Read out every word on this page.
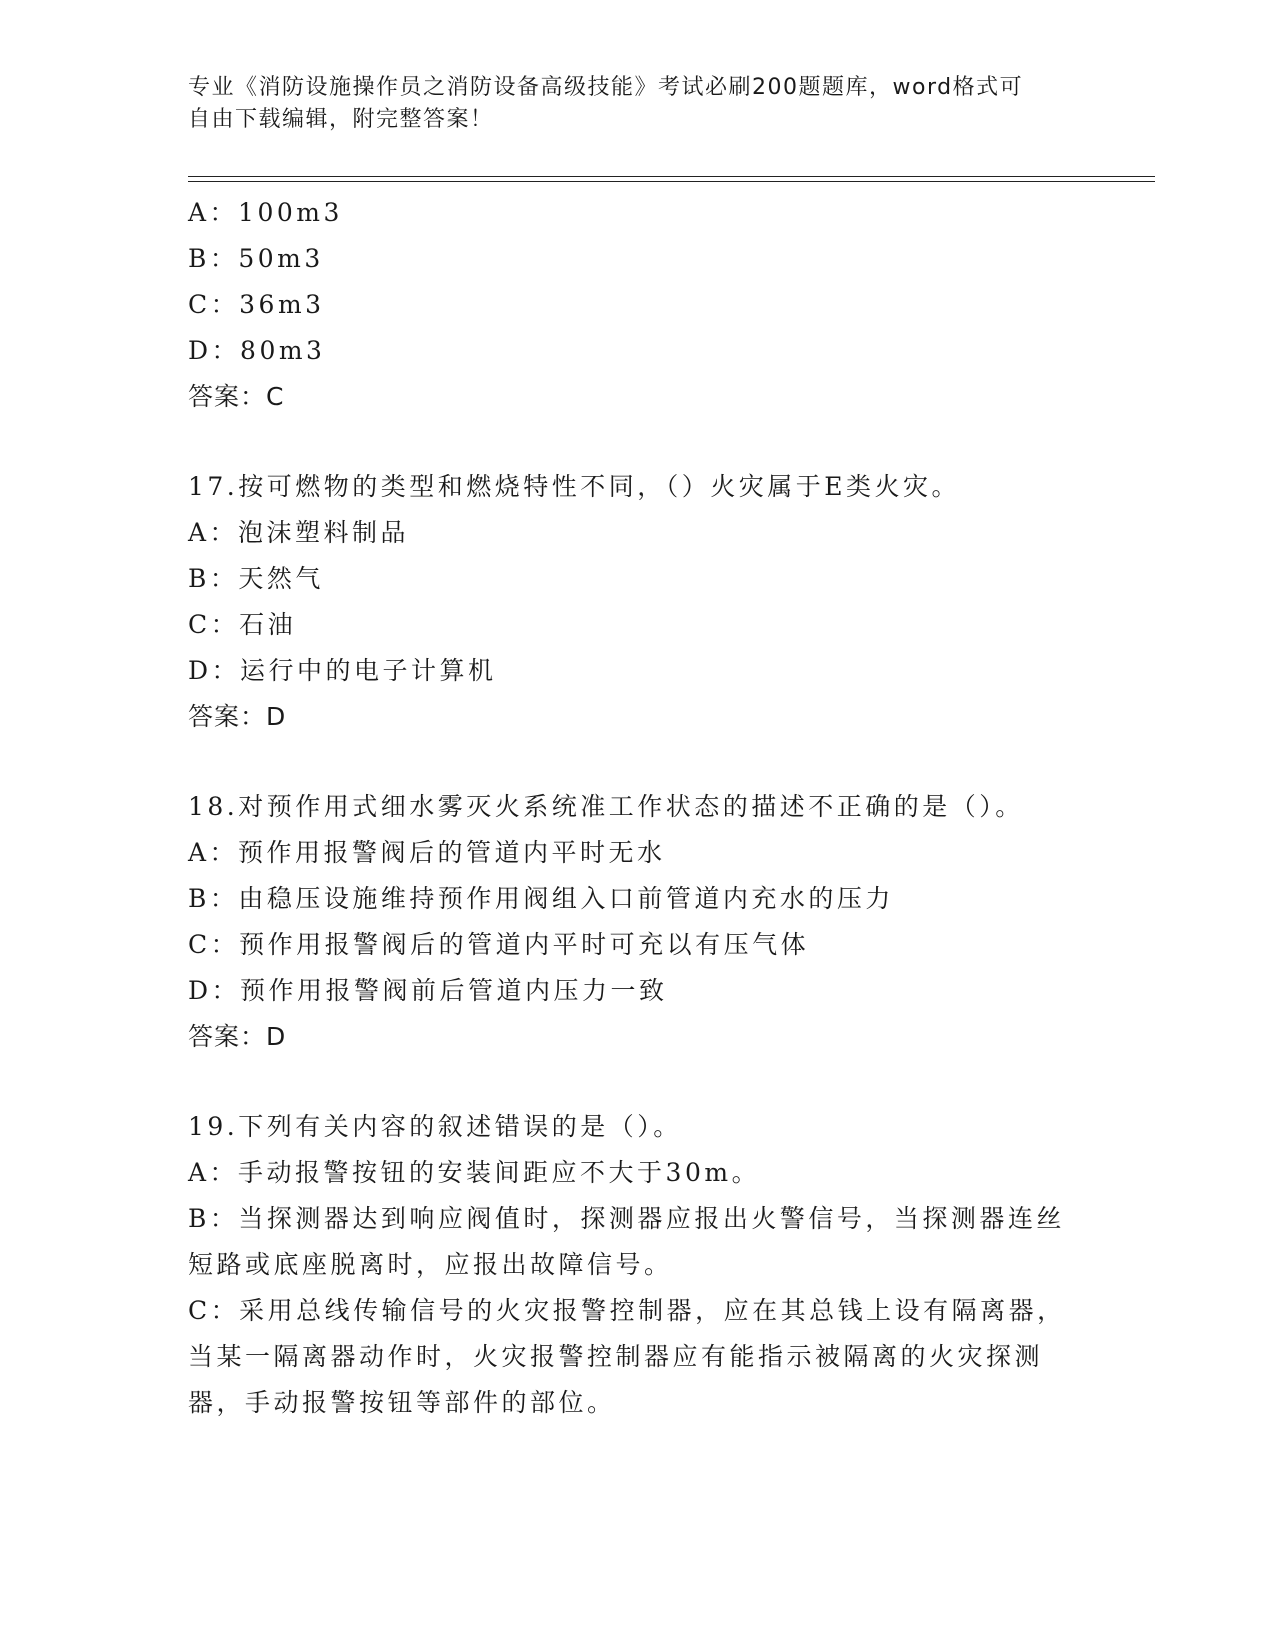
专业《消防设施操作员之消防设备高级技能》考试必刷200题题库，word格式可
自由下载编辑，附完整答案！
A：100m3
B：50m3
C：36m3
D：80m3
答案：C
17.按可燃物的类型和燃烧特性不同，（）火灾属于E类火灾。
A：泡沫塑料制品
B：天然气
C：石油
D：运行中的电子计算机
答案：D
18.对预作用式细水雾灭火系统准工作状态的描述不正确的是（）。
A：预作用报警阀后的管道内平时无水
B：由稳压设施维持预作用阀组入口前管道内充水的压力
C：预作用报警阀后的管道内平时可充以有压气体
D：预作用报警阀前后管道内压力一致
答案：D
19.下列有关内容的叙述错误的是（）。
A：手动报警按钮的安装间距应不大于30m。
B：当探测器达到响应阀值时，探测器应报出火警信号，当探测器连丝短路或底座脱离时，应报出故障信号。
C：采用总线传输信号的火灾报警控制器，应在其总钱上设有隔离器，当某一隔离器动作时，火灾报警控制器应有能指示被隔离的火灾探测器，手动报警按钮等部件的部位。
